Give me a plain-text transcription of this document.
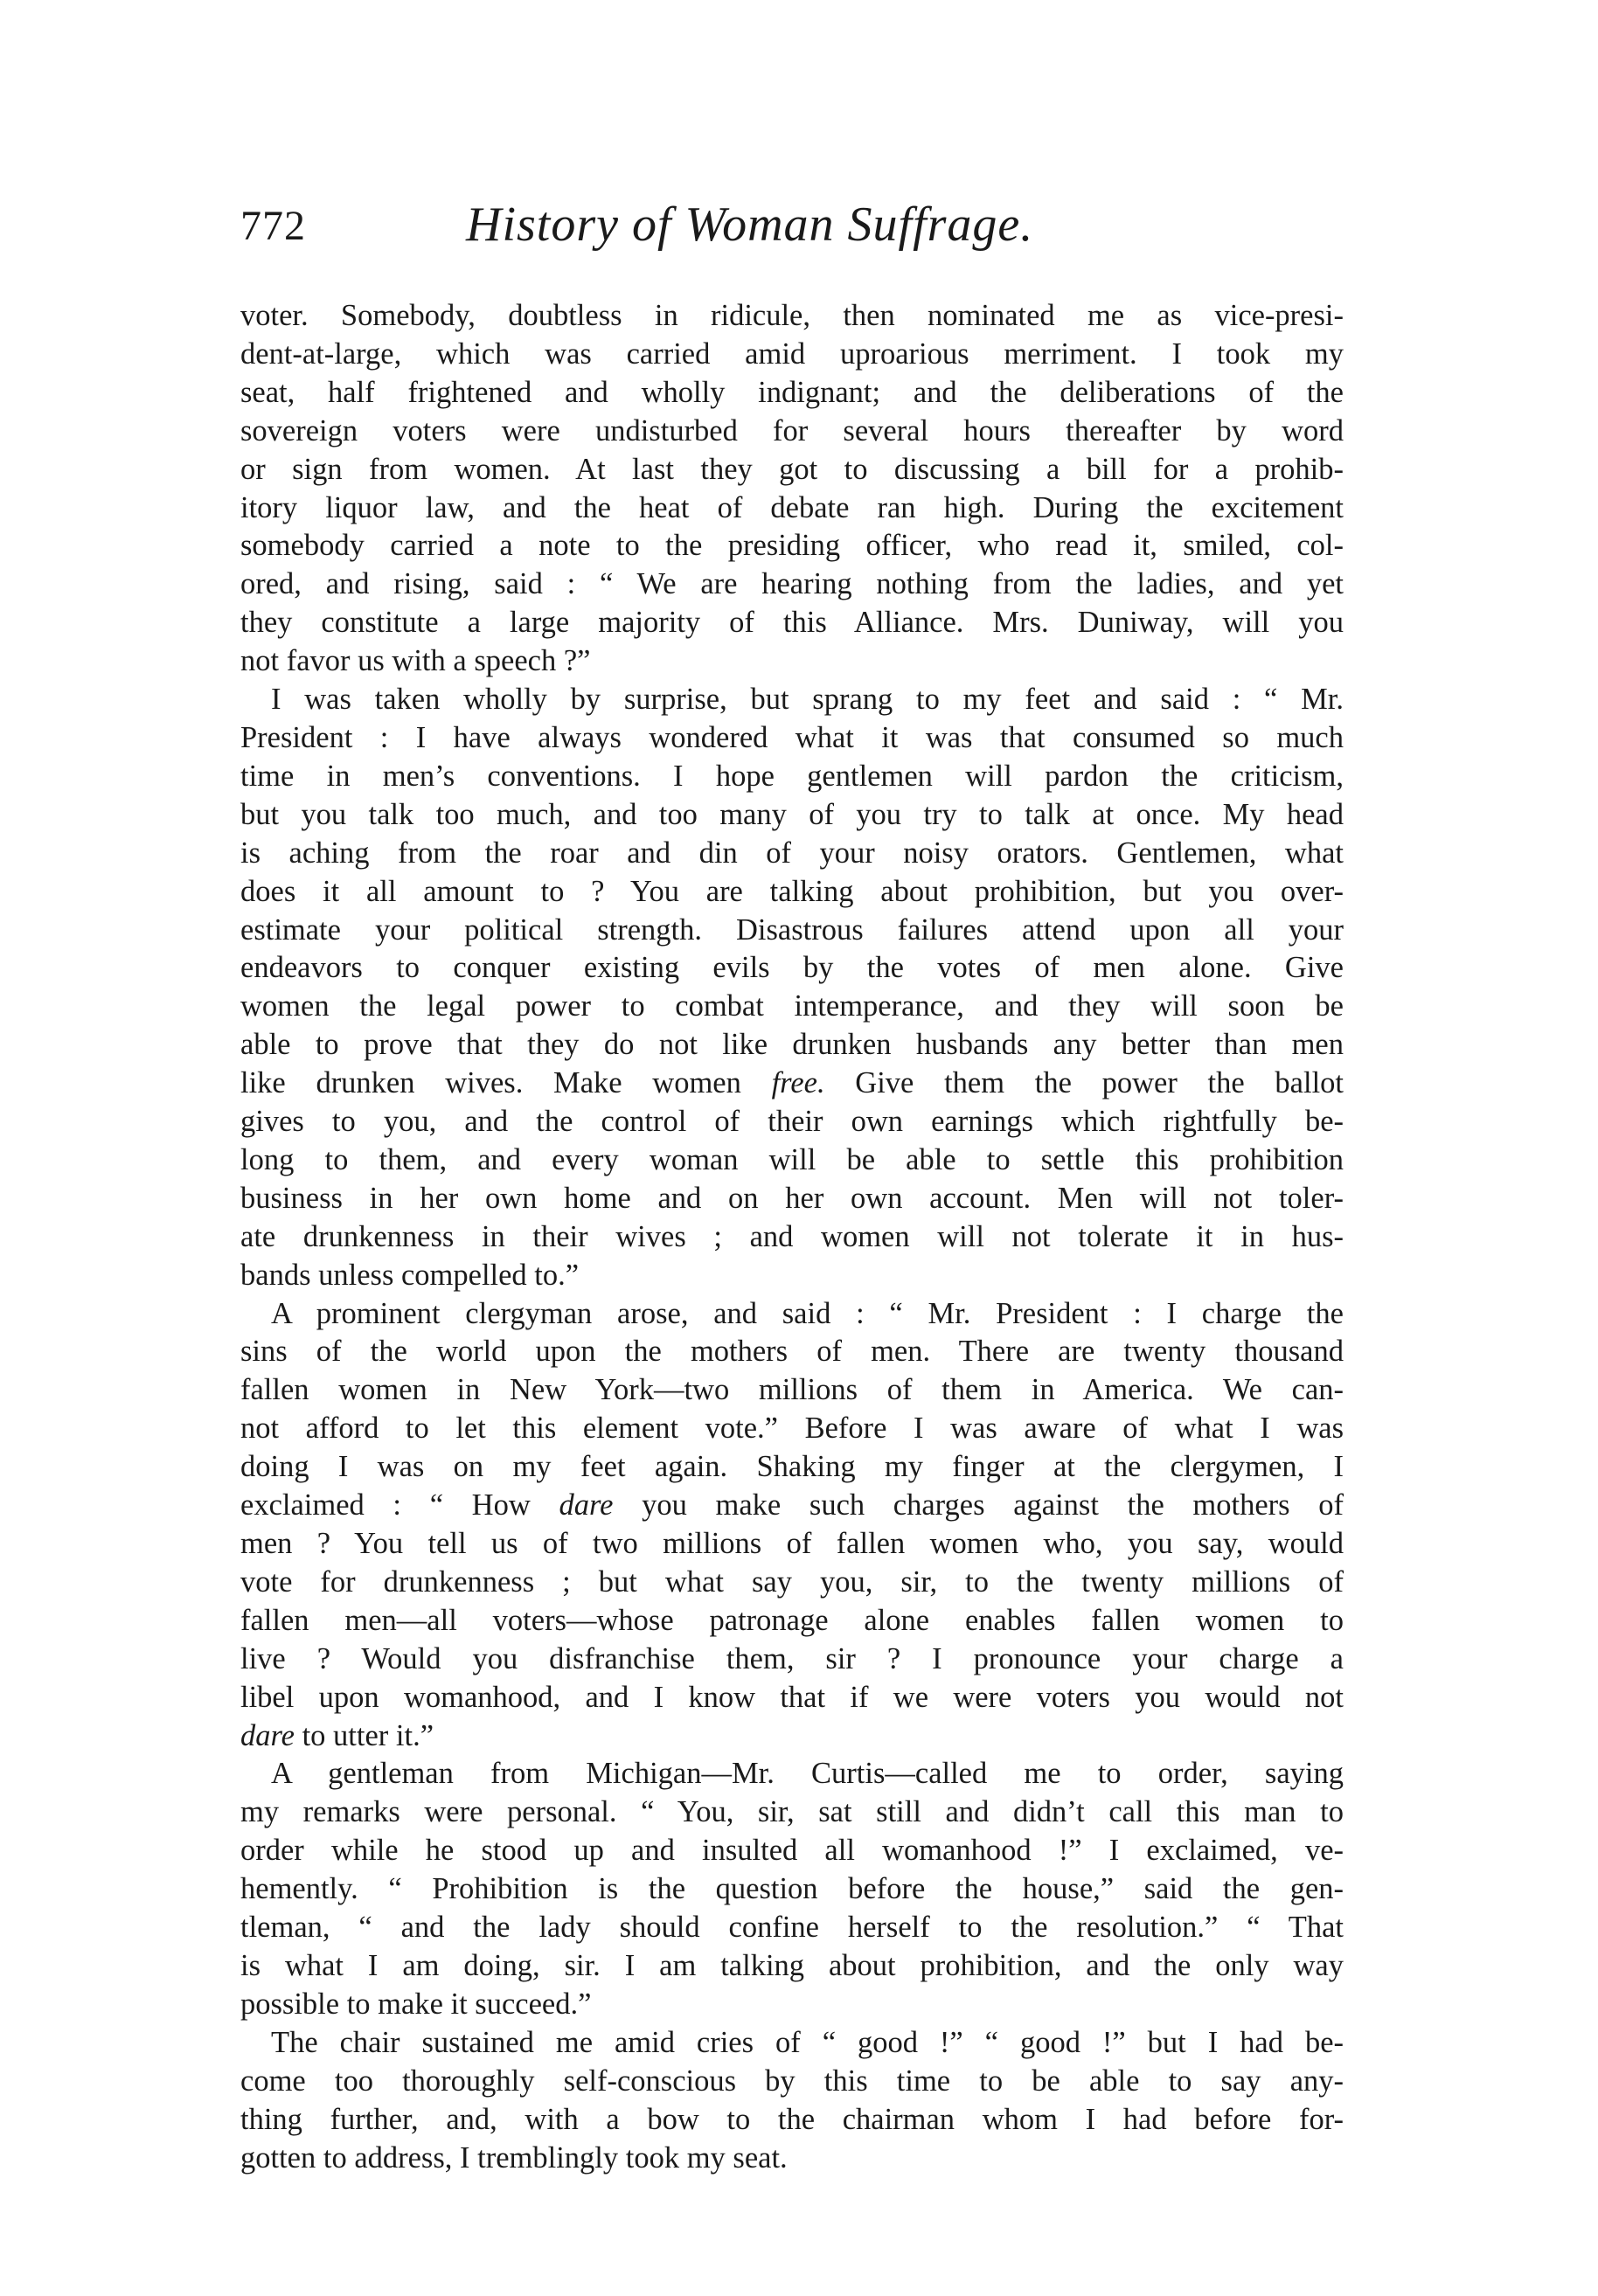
772	History of Woman Suffrage.

voter. Somebody, doubtless in ridicule, then nominated me as vice-presi-
dent-at-large, which was carried amid uproarious merriment. I took my
seat, half frightened and wholly indignant; and the deliberations of the
sovereign voters were undisturbed for several hours thereafter by word
or sign from women. At last they got to discussing a bill for a prohib-
itory liquor law, and the heat of debate ran high. During the excitement
somebody carried a note to the presiding officer, who read it, smiled, col-
ored, and rising, said : “ We are hearing nothing from the ladies, and yet
they constitute a large majority of this Alliance. Mrs. Duniway, will you
not favor us with a speech ?”

I was taken wholly by surprise, but sprang to my feet and said : “ Mr.
President : I have always wondered what it was that consumed so much
time in men’s conventions. I hope gentlemen will pardon the criticism,
but you talk too much, and too many of you try to talk at once. My head
is aching from the roar and din of your noisy orators. Gentlemen, what
does it all amount to ? You are talking about prohibition, but you over-
estimate your political strength. Disastrous failures attend upon all your
endeavors to conquer existing evils by the votes of men alone. Give
women the legal power to combat intemperance, and they will soon be
able to prove that they do not like drunken husbands any better than men
like drunken wives. Make women free. Give them the power the ballot
gives to you, and the control of their own earnings which rightfully be-
long to them, and every woman will be able to settle this prohibition
business in her own home and on her own account. Men will not toler-
ate drunkenness in their wives ; and women will not tolerate it in hus-
bands unless compelled to.”

A prominent clergyman arose, and said : “ Mr. President : I charge the
sins of the world upon the mothers of men. There are twenty thousand
fallen women in New York—two millions of them in America. We can-
not afford to let this element vote.” Before I was aware of what I was
doing I was on my feet again. Shaking my finger at the clergymen, I
exclaimed : “ How dare you make such charges against the mothers of
men ? You tell us of two millions of fallen women who, you say, would
vote for drunkenness ; but what say you, sir, to the twenty millions of
fallen men—all voters—whose patronage alone enables fallen women to
live ? Would you disfranchise them, sir ? I pronounce your charge a
libel upon womanhood, and I know that if we were voters you would not
dare to utter it.”

A gentleman from Michigan—Mr. Curtis—called me to order, saying
my remarks were personal. “ You, sir, sat still and didn’t call this man to
order while he stood up and insulted all womanhood !” I exclaimed, ve-
hemently. “ Prohibition is the question before the house,” said the gen-
tleman, “ and the lady should confine herself to the resolution.” “ That
is what I am doing, sir. I am talking about prohibition, and the only way
possible to make it succeed.”

The chair sustained me amid cries of “ good !” “ good !” but I had be-
come too thoroughly self-conscious by this time to be able to say any-
thing further, and, with a bow to the chairman whom I had before for-
gotten to address, I tremblingly took my seat.
